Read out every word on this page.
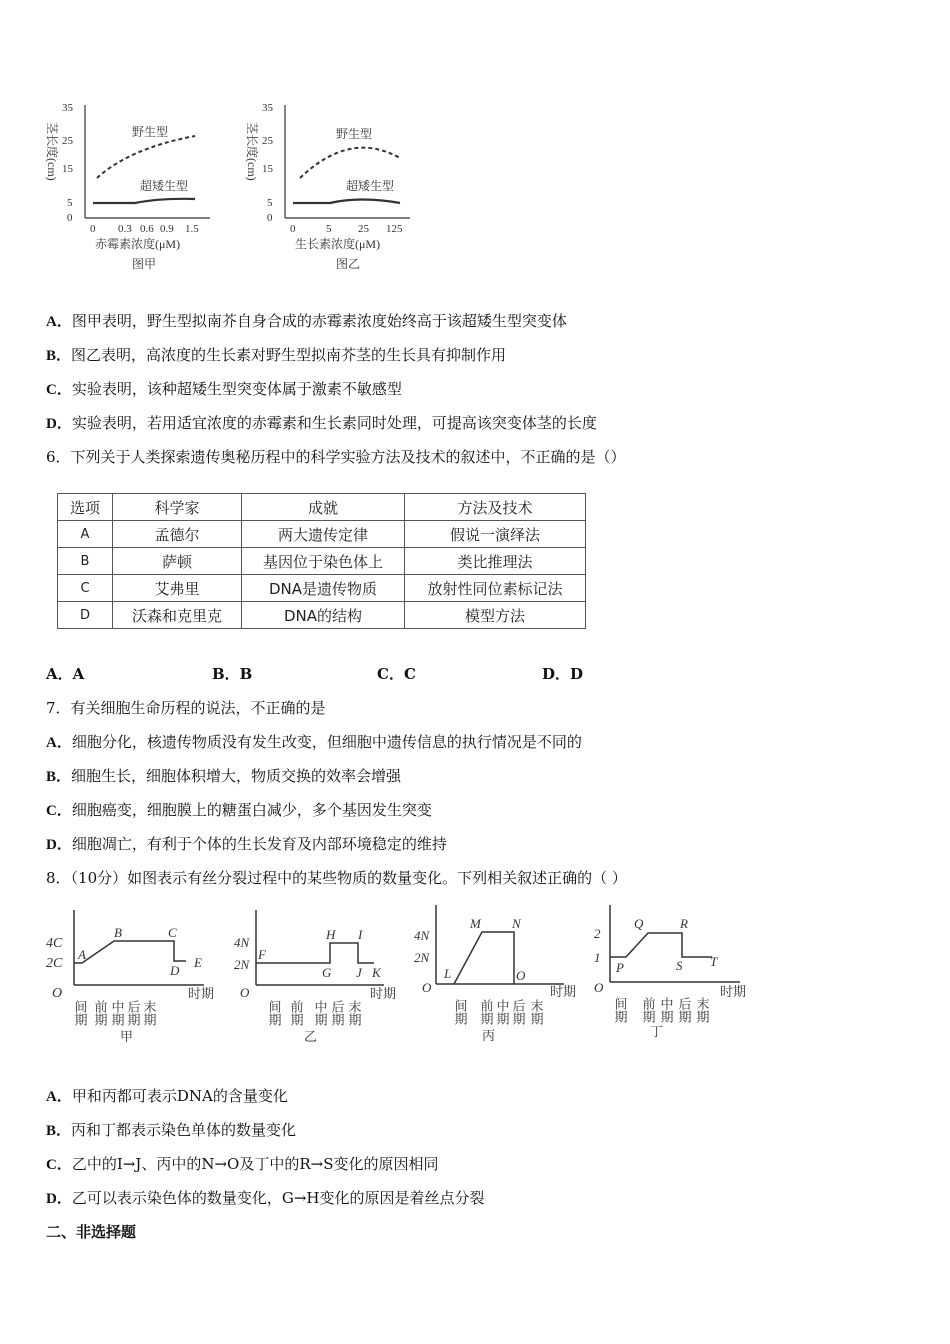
茎长度(cm)
35
25
15
5
0
野生型
超矮生型
0 0.3 0.6 0.9 1.5
赤霉素浓度(μM)
图甲
茎长度(cm)
35
25
15
5
0
野生型
超矮生型
0	5 25 125
生长素浓度(μM)
图乙
A．图甲表明，野生型拟南芥自身合成的赤霉素浓度始终高于该超矮生型突变体
B．图乙表明，高浓度的生长素对野生型拟南芥茎的生长具有抑制作用
C．实验表明，该种超矮生型突变体属于激素不敏感型
D．实验表明，若用适宜浓度的赤霉素和生长素同时处理，可提高该突变体茎的长度
6．下列关于人类探索遗传奥秘历程中的科学实验方法及技术的叙述中，不正确的是（）
选项	科学家	成就	方法及技术
A	孟德尔	两大遗传定律	假说一演绎法
B	萨顿	基因位于染色体上	类比推理法
C	艾弗里	DNA是遗传物质	放射性同位素标记法
D	沃森和克里克	DNA的结构	模型方法
A．A	B．B	C．C	D．D
7．有关细胞生命历程的说法，不正确的是
A．细胞分化，核遗传物质没有发生改变，但细胞中遗传信息的执行情况是不同的
B．细胞生长，细胞体积增大，物质交换的效率会增强
C．细胞癌变，细胞膜上的糖蛋白减少，多个基因发生突变
D．细胞凋亡，有利于个体的生长发育及内部环境稳定的维持
8．（10分）如图表示有丝分裂过程中的某些物质的数量变化。下列相关叙述正确的（ ）
4C
2C
O
A
B	C
D
E
间期 前期 中期 后期 末期
时期
甲
4N
2N
O
F
G
H I
J K
间期 前期 中期 后期 末期
时期
乙
4N
2N
O
L
M N
O
间期 前期 中期 后期 末期
时期
丙
2
1
O
P
Q	R
S T
间期 前期 中期 后期 末期
时期
丁
A．甲和丙都可表示DNA的含量变化
B．丙和丁都表示染色单体的数量变化
C．乙中的I→J、丙中的N→O及丁中的R→S变化的原因相同
D．乙可以表示染色体的数量变化，G→H变化的原因是着丝点分裂
二、非选择题
